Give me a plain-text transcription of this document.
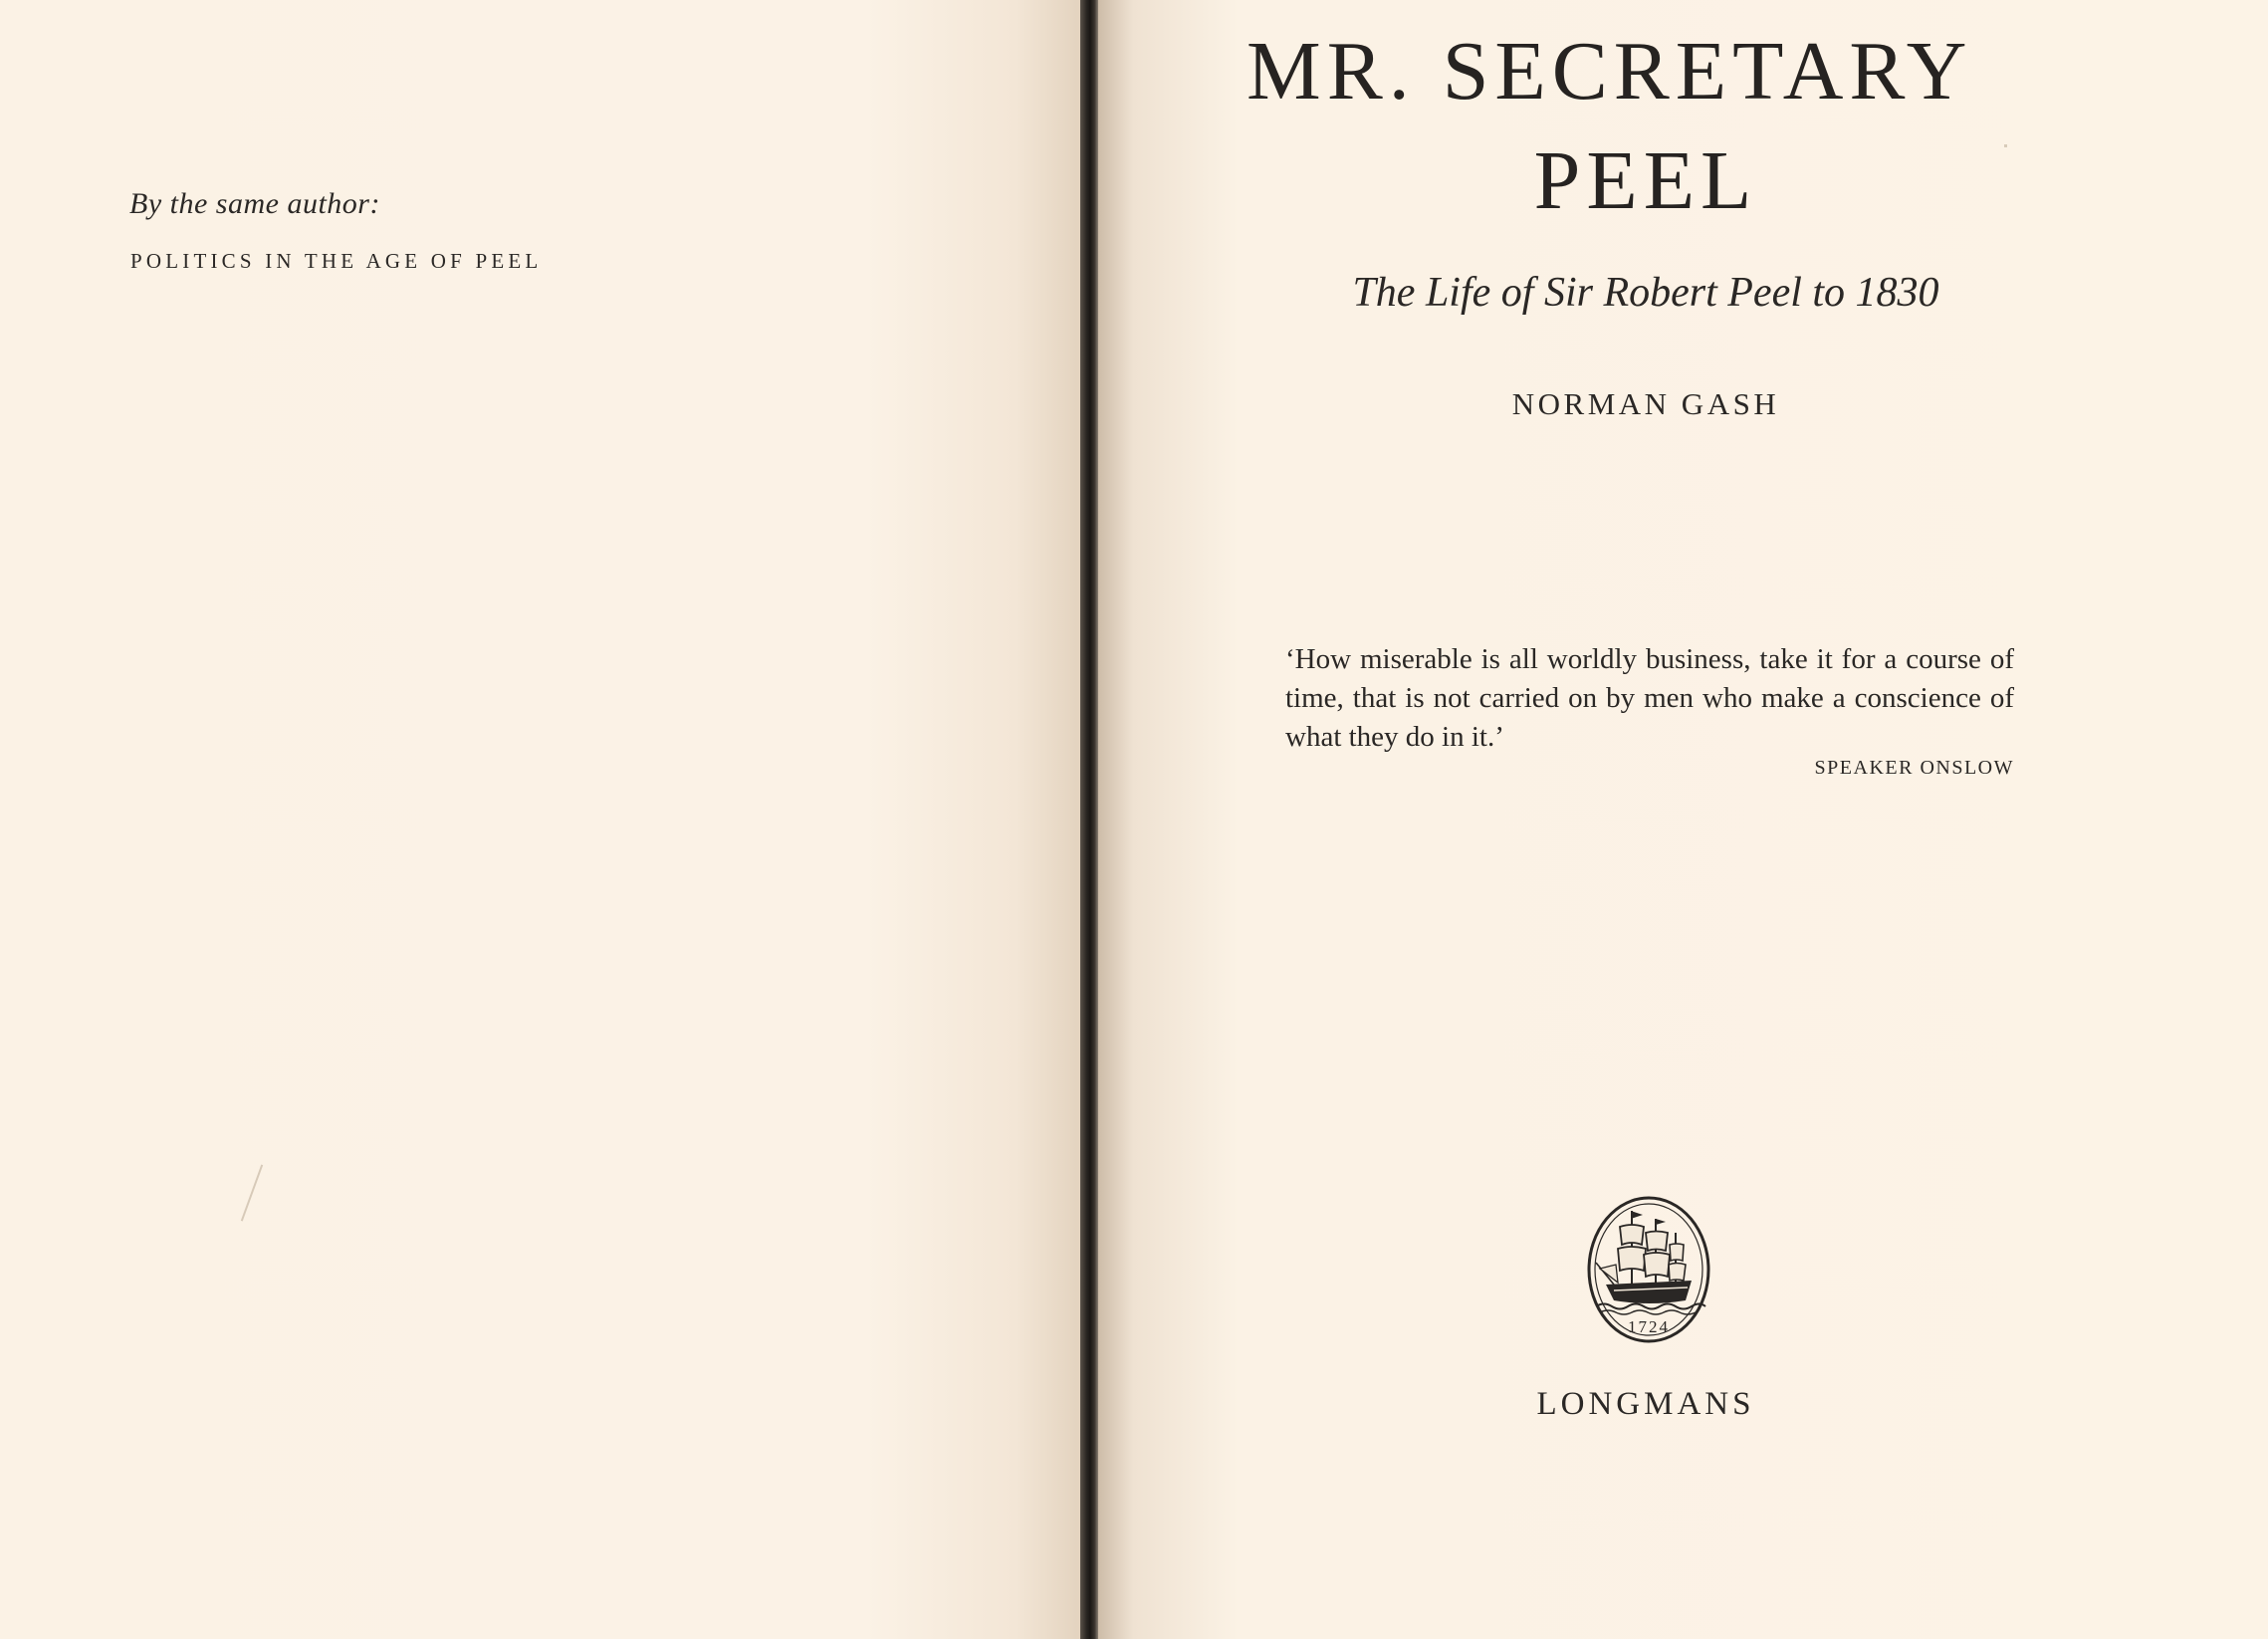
By the same author:
POLITICS IN THE AGE OF PEEL
MR. SECRETARY
PEEL
The Life of Sir Robert Peel to 1830
NORMAN GASH
‘How miserable is all worldly business, take it for a course of time, that is not carried on by men who make a conscience of what they do in it.’
SPEAKER ONSLOW
1724
LONGMANS
